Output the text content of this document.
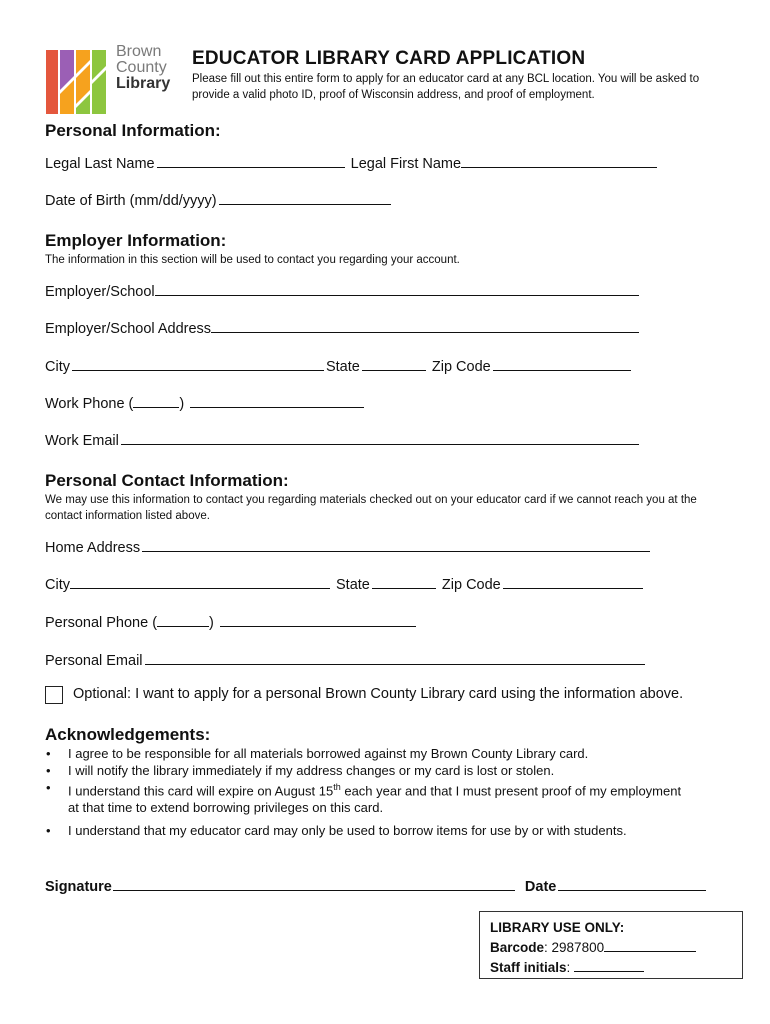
Brown
County
Library
EDUCATOR LIBRARY CARD APPLICATION
Please fill out this entire form to apply for an educator card at any BCL location. You will be asked to provide a valid photo ID, proof of Wisconsin address, and proof of employment.
Personal Information:
Legal Last Name	Legal First Name
Date of Birth (mm/dd/yyyy)
Employer Information:
The information in this section will be used to contact you regarding your account.
Employer/School
Employer/School Address
City	State	Zip Code
Work Phone (	)
Work Email
Personal Contact Information:
We may use this information to contact you regarding materials checked out on your educator card if we cannot reach you at the contact information listed above.
Home Address
City	State	Zip Code
Personal Phone (	)
Personal Email
Optional: I want to apply for a personal Brown County Library card using the information above.
Acknowledgements:
• I agree to be responsible for all materials borrowed against my Brown County Library card.
• I will notify the library immediately if my address changes or my card is lost or stolen.
• I understand this card will expire on August 15th each year and that I must present proof of my employment at that time to extend borrowing privileges on this card.
• I understand that my educator card may only be used to borrow items for use by or with students.
Signature	Date
LIBRARY USE ONLY:
Barcode: 2987800
Staff initials:
